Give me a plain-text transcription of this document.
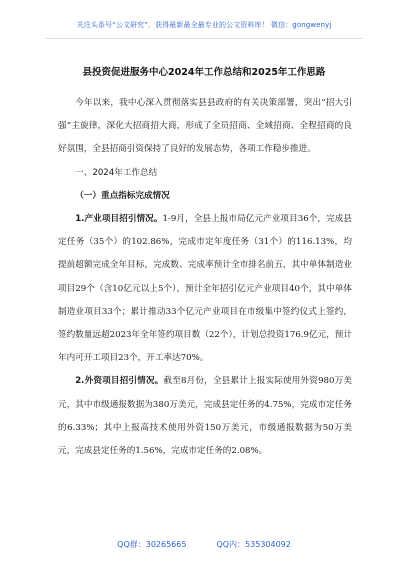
关注头条号“公文研究”，获得最新最全最专业的公文资料库！ 微信：gongwenyj
县投资促进服务中心2024年工作总结和2025年工作思路

今年以来，我中心深入贯彻落实县县政府的有关决策部署，突出“招大引强”主旋律，深化大招商招大商，形成了全员招商、全域招商、全程招商的良好氛围，全县招商引资保持了良好的发展态势，各项工作稳步推进。

一、2024年工作总结

（一）重点指标完成情况

1.产业项目招引情况。1-9月，全县上报市局亿元产业项目36个，完成县定任务（35个）的102.86%，完成市定年度任务（31个）的116.13%，均提前超额完成全年目标，完成数、完成率预计全市排名前五，其中单体制造业项目29个（含10亿元以上5个），预计全年招引亿元产业项目40个，其中单体制造业项目33个；累计推动33个亿元产业项目在市级集中签约仪式上签约，签约数量远超2023年全年签约项目数（22个），计划总投资176.9亿元，预计年内可开工项目23个，开工率达70%。

2.外资项目招引情况。截至8月份，全县累计上报实际使用外资980万美元，其中市级通报数据为380万美元，完成县定任务的4.75%，完成市定任务的6.33%；其中上报高技术使用外资150万美元，市级通报数据为50万美元，完成县定任务的1.56%，完成市定任务的2.08%。

QQ群：30265665	QQ内：535304092
